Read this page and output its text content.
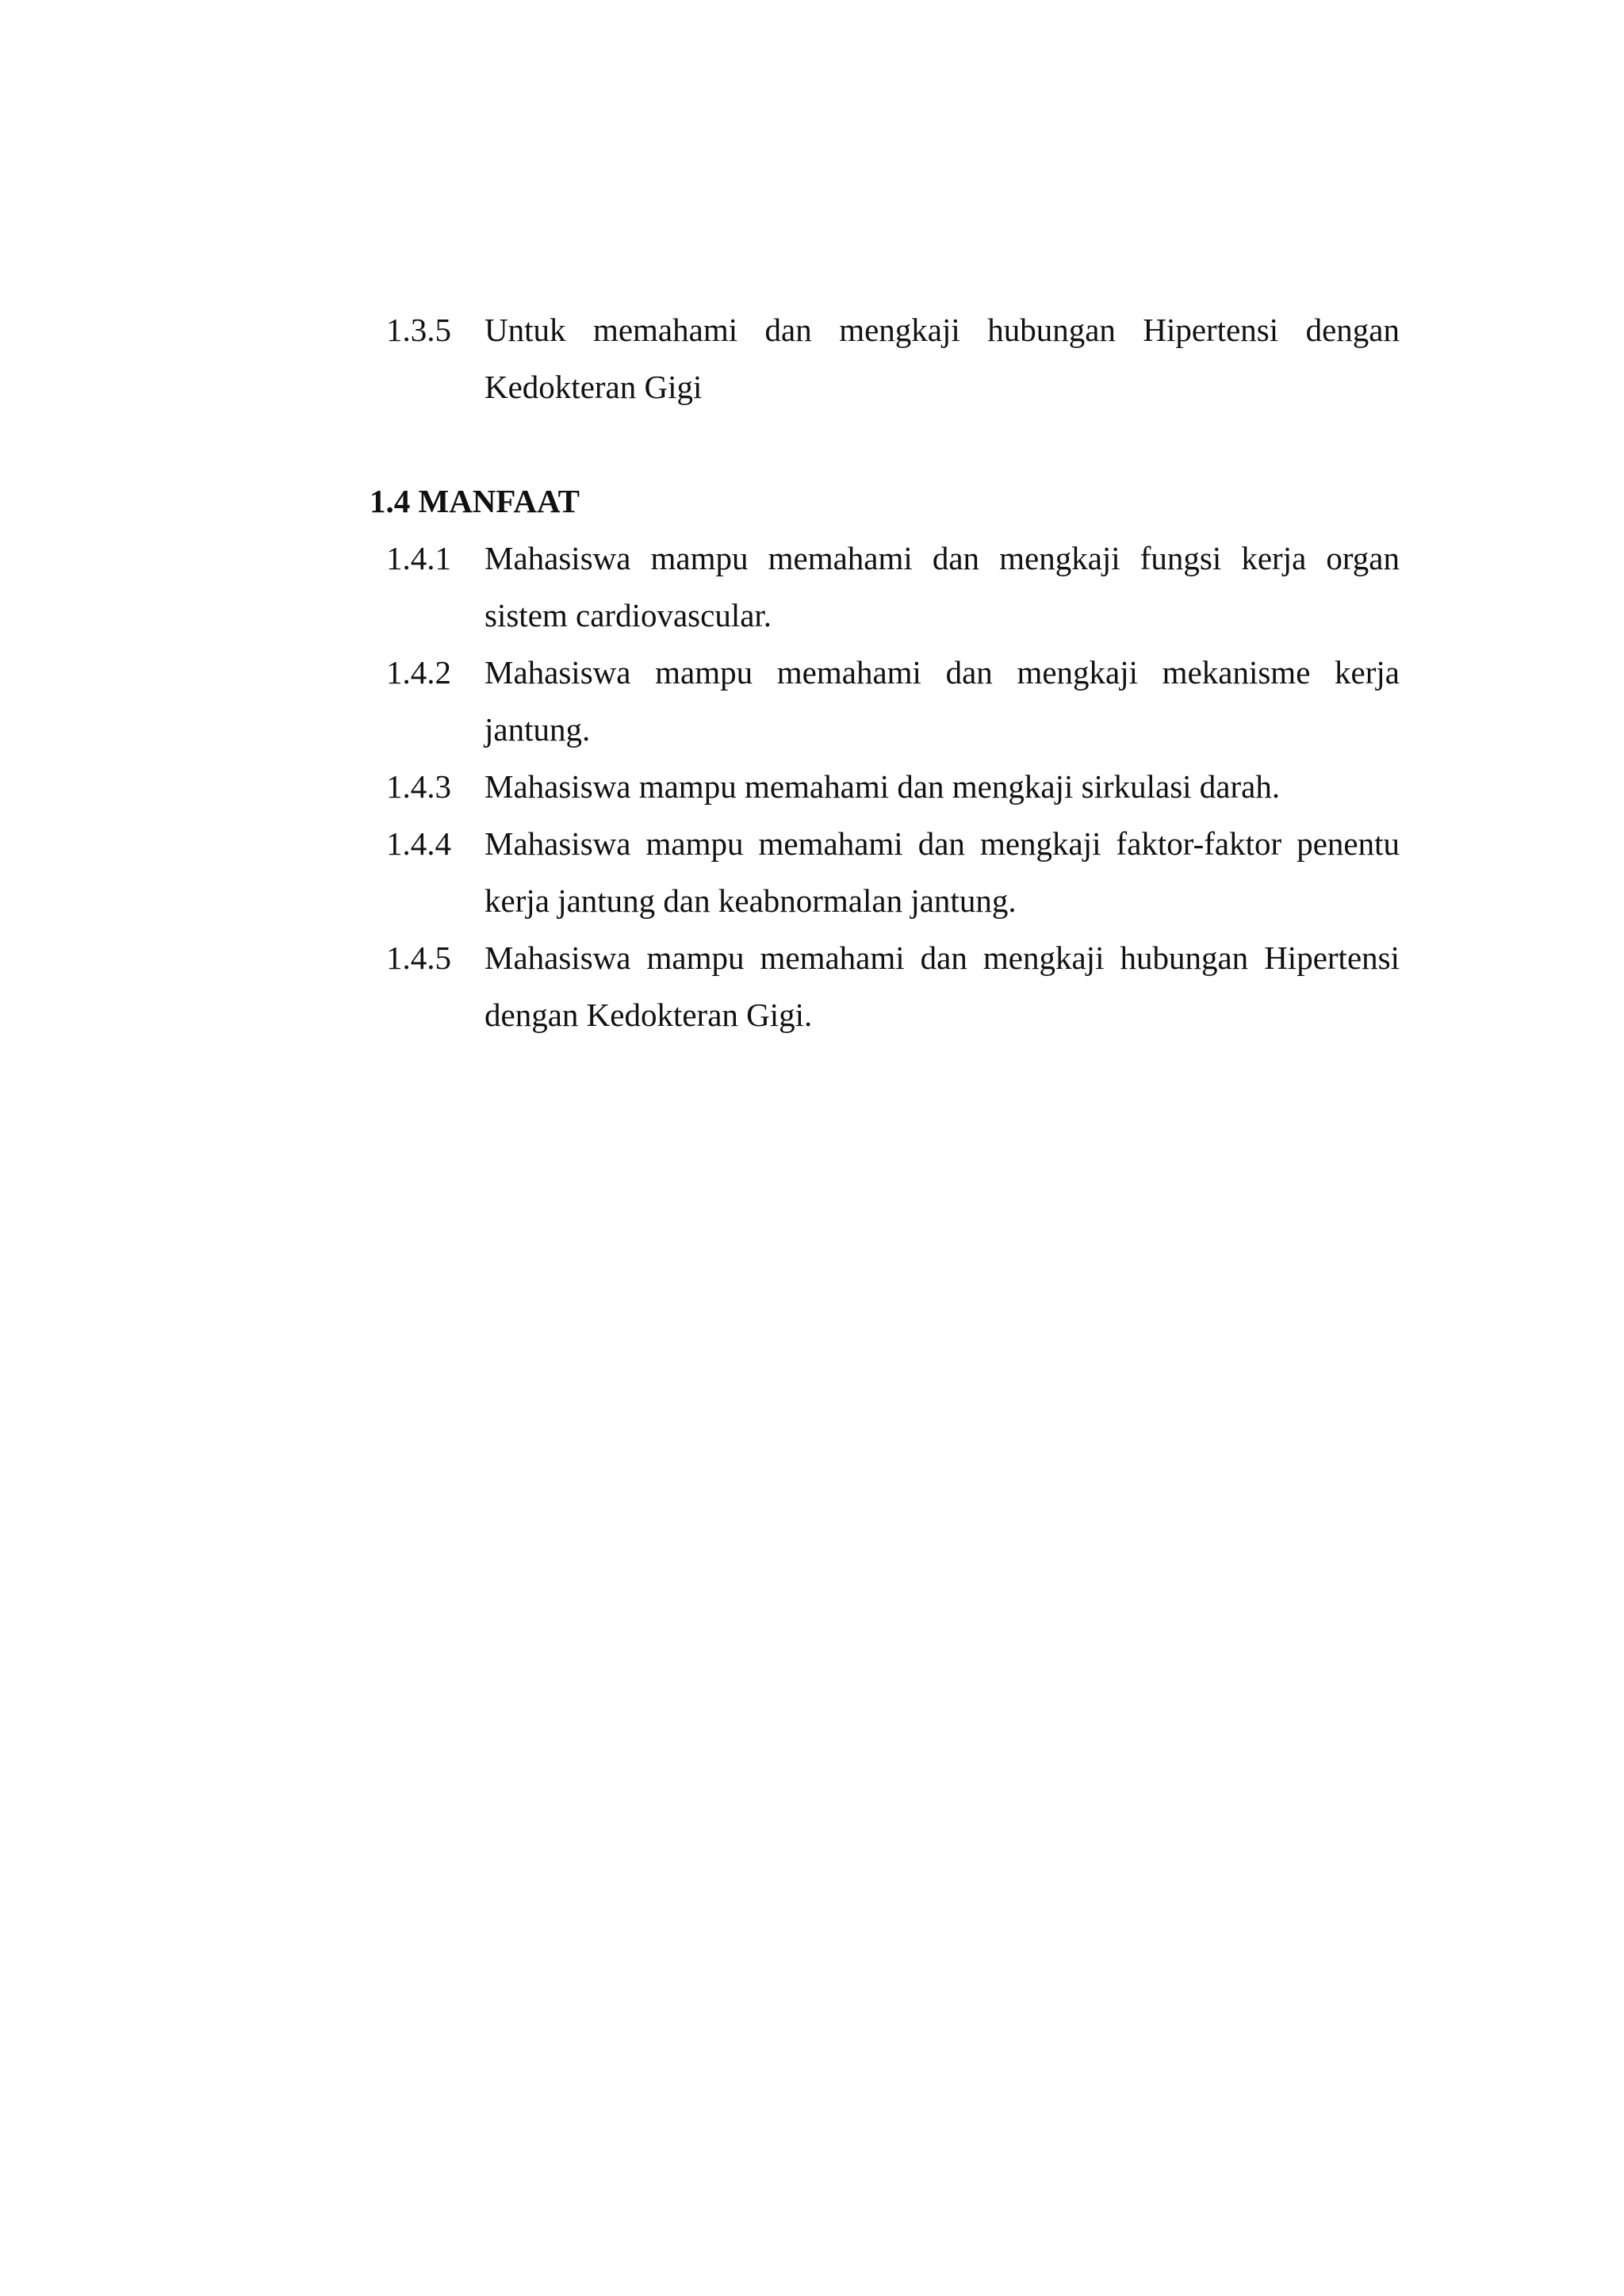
1.3.5	Untuk memahami dan mengkaji hubungan Hipertensi dengan Kedokteran Gigi
1.4 MANFAAT
1.4.1	Mahasiswa mampu memahami dan mengkaji fungsi kerja organ sistem cardiovascular.
1.4.2	Mahasiswa mampu memahami dan mengkaji mekanisme kerja jantung.
1.4.3	Mahasiswa mampu memahami dan mengkaji sirkulasi darah.
1.4.4	Mahasiswa mampu memahami dan mengkaji faktor-faktor penentu kerja jantung dan keabnormalan jantung.
1.4.5	Mahasiswa mampu memahami dan mengkaji hubungan Hipertensi dengan Kedokteran Gigi.
